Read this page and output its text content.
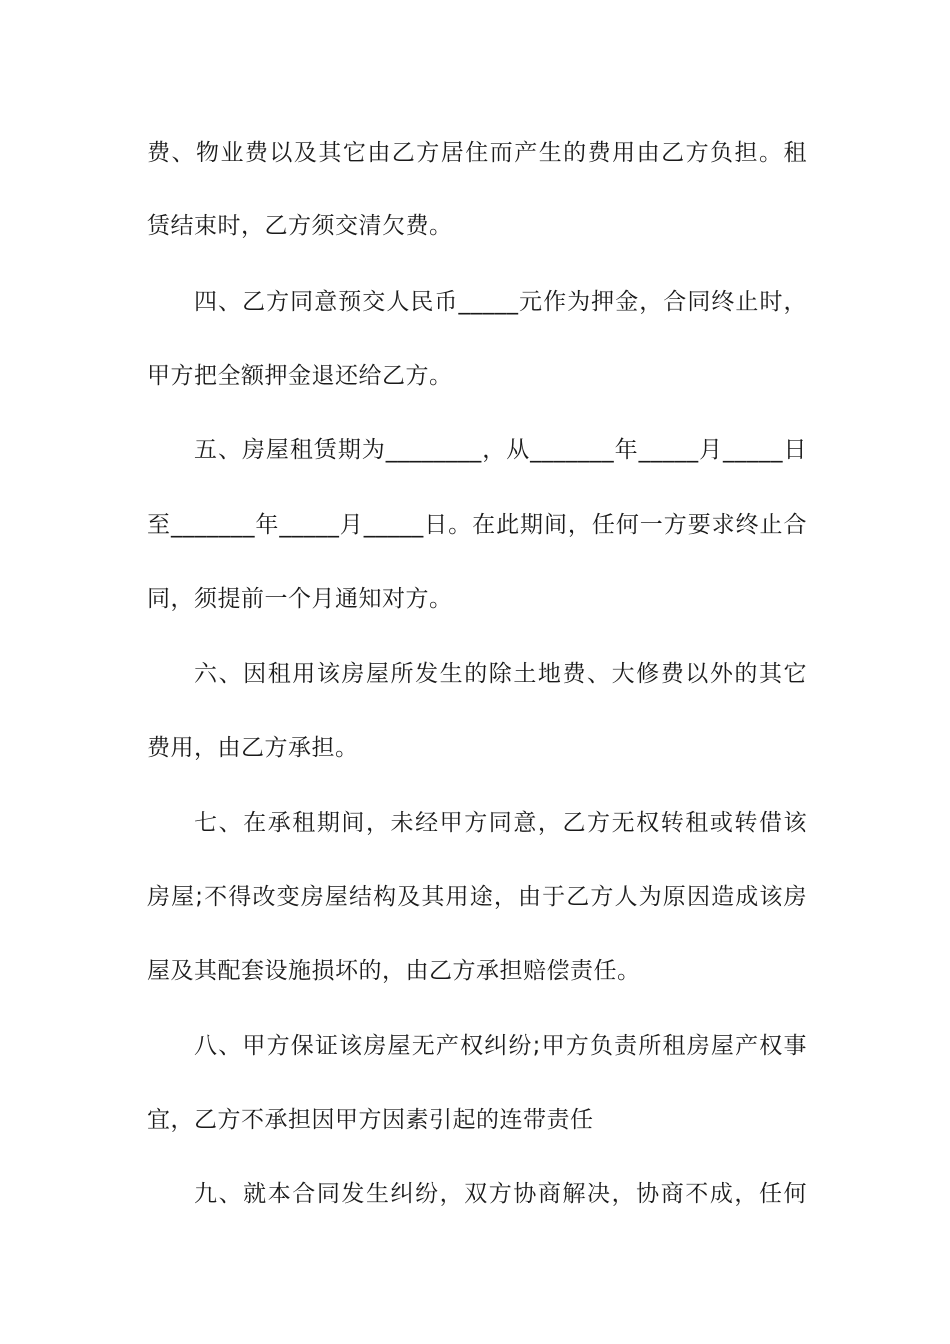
费、物业费以及其它由乙方居住而产生的费用由乙方负担。租
赁结束时，乙方须交清欠费。
四、乙方同意预交人民币_____元作为押金，合同终止时，
甲方把全额押金退还给乙方。
五、房屋租赁期为________，从_______年_____月_____日
至_______年_____月_____日。在此期间，任何一方要求终止合
同，须提前一个月通知对方。
六、因租用该房屋所发生的除土地费、大修费以外的其它
费用，由乙方承担。
七、在承租期间，未经甲方同意，乙方无权转租或转借该
房屋;不得改变房屋结构及其用途，由于乙方人为原因造成该房
屋及其配套设施损坏的，由乙方承担赔偿责任。
八、甲方保证该房屋无产权纠纷;甲方负责所租房屋产权事
宜，乙方不承担因甲方因素引起的连带责任
九、就本合同发生纠纷，双方协商解决，协商不成，任何
